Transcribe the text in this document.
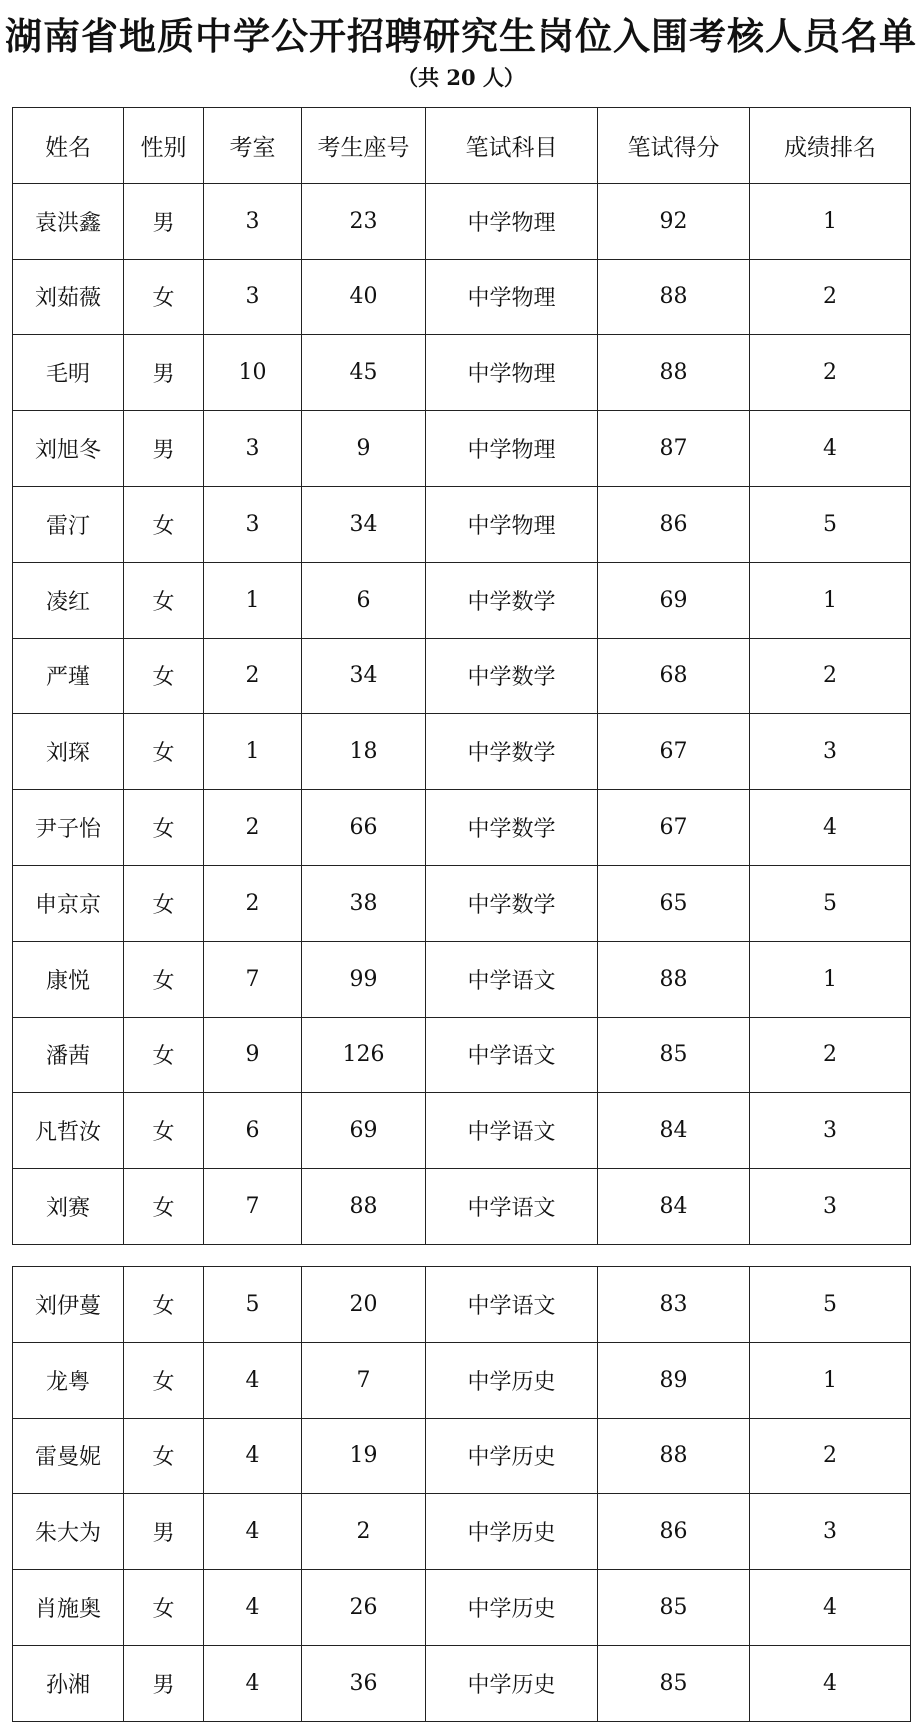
湖南省地质中学公开招聘研究生岗位入围考核人员名单
（共 20 人）
姓名	性别	考室	考生座号	笔试科目	笔试得分	成绩排名
袁洪鑫	男	3	23	中学物理	92	1
刘茹薇	女	3	40	中学物理	88	2
毛明	男	10	45	中学物理	88	2
刘旭冬	男	3	9	中学物理	87	4
雷汀	女	3	34	中学物理	86	5
凌红	女	1	6	中学数学	69	1
严瑾	女	2	34	中学数学	68	2
刘琛	女	1	18	中学数学	67	3
尹子怡	女	2	66	中学数学	67	4
申京京	女	2	38	中学数学	65	5
康悦	女	7	99	中学语文	88	1
潘茜	女	9	126	中学语文	85	2
凡哲汝	女	6	69	中学语文	84	3
刘赛	女	7	88	中学语文	84	3
刘伊蔓	女	5	20	中学语文	83	5
龙粤	女	4	7	中学历史	89	1
雷曼妮	女	4	19	中学历史	88	2
朱大为	男	4	2	中学历史	86	3
肖施奥	女	4	26	中学历史	85	4
孙湘	男	4	36	中学历史	85	4
